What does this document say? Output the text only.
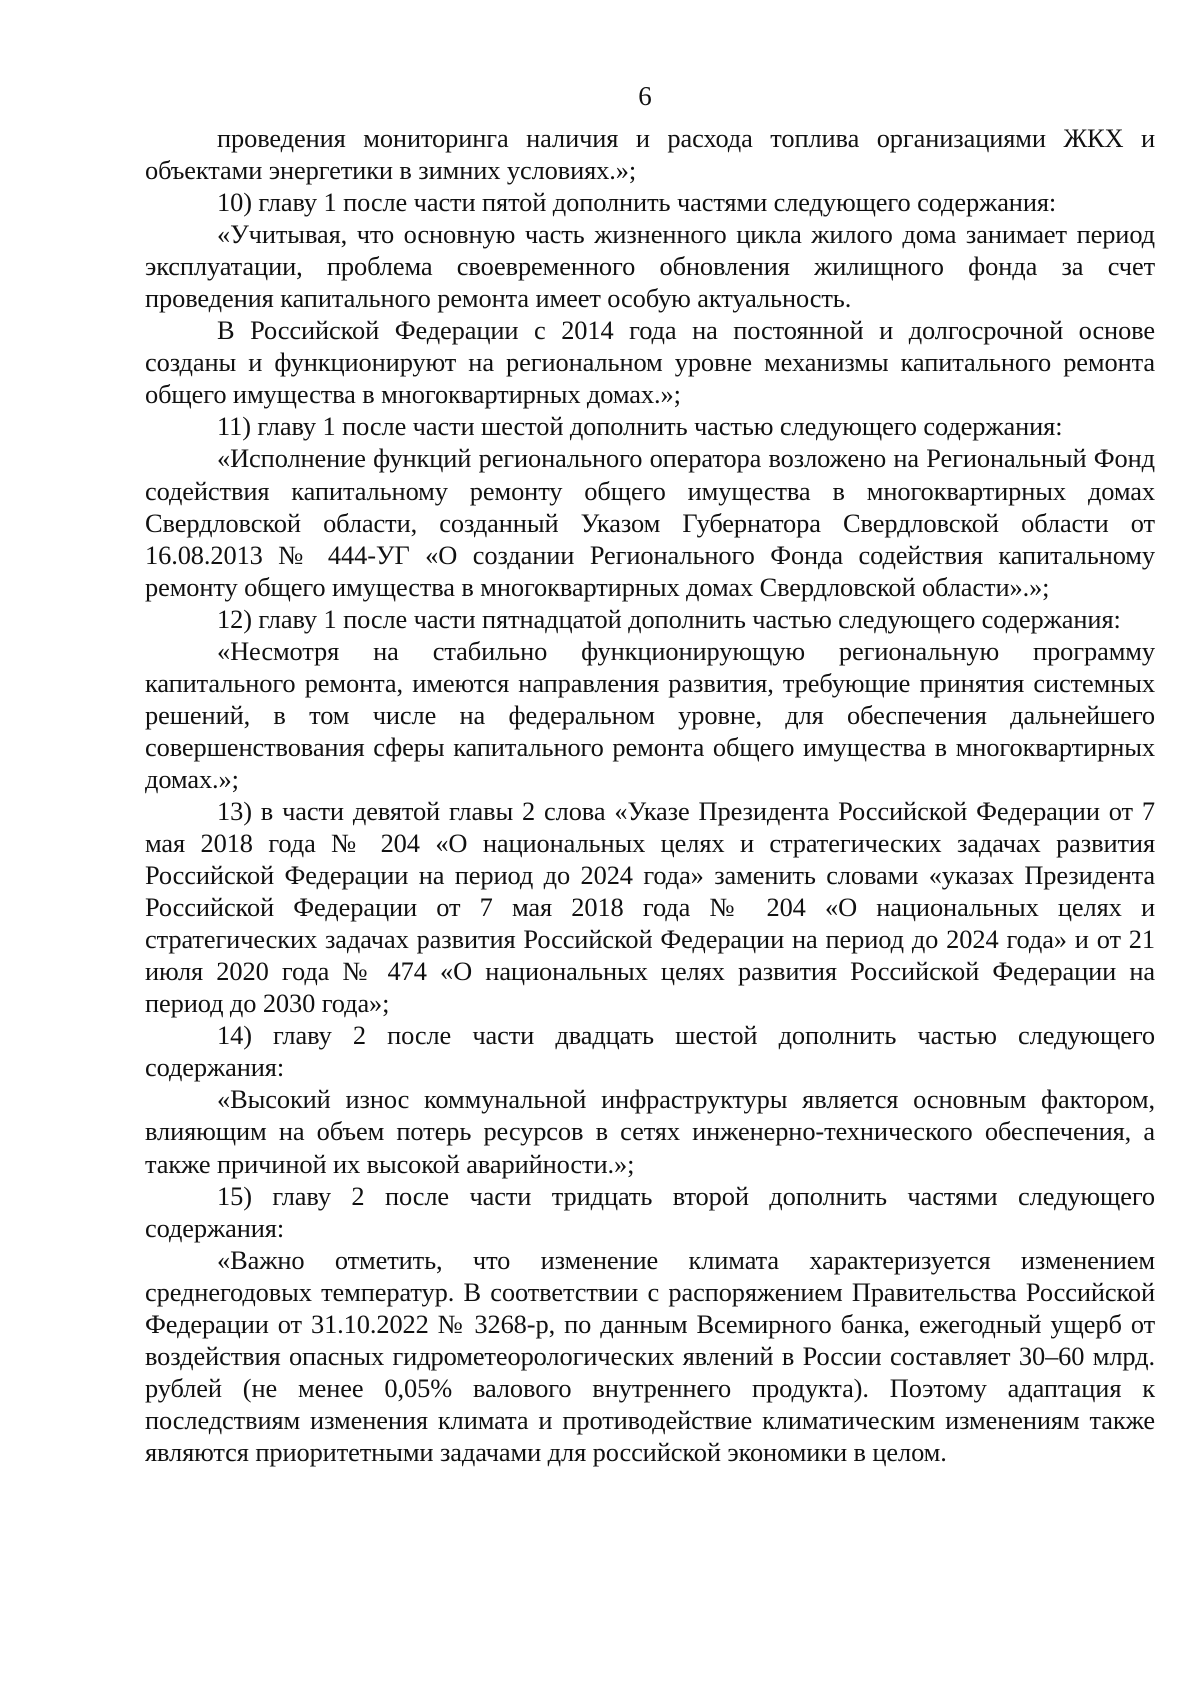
6

проведения мониторинга наличия и расхода топлива организациями ЖКХ и объектами энергетики в зимних условиях.»;

10) главу 1 после части пятой дополнить частями следующего содержания:

«Учитывая, что основную часть жизненного цикла жилого дома занимает период эксплуатации, проблема своевременного обновления жилищного фонда за счет проведения капитального ремонта имеет особую актуальность.

В Российской Федерации с 2014 года на постоянной и долгосрочной основе созданы и функционируют на региональном уровне механизмы капитального ремонта общего имущества в многоквартирных домах.»;

11) главу 1 после части шестой дополнить частью следующего содержания:

«Исполнение функций регионального оператора возложено на Региональный Фонд содействия капитальному ремонту общего имущества в многоквартирных домах Свердловской области, созданный Указом Губернатора Свердловской области от 16.08.2013 № 444-УГ «О создании Регионального Фонда содействия капитальному ремонту общего имущества в многоквартирных домах Свердловской области».»;

12) главу 1 после части пятнадцатой дополнить частью следующего содержания:

«Несмотря на стабильно функционирующую региональную программу капитального ремонта, имеются направления развития, требующие принятия системных решений, в том числе на федеральном уровне, для обеспечения дальнейшего совершенствования сферы капитального ремонта общего имущества в многоквартирных домах.»;

13) в части девятой главы 2 слова «Указе Президента Российской Федерации от 7 мая 2018 года № 204 «О национальных целях и стратегических задачах развития Российской Федерации на период до 2024 года» заменить словами «указах Президента Российской Федерации от 7 мая 2018 года № 204 «О национальных целях и стратегических задачах развития Российской Федерации на период до 2024 года» и от 21 июля 2020 года № 474 «О национальных целях развития Российской Федерации на период до 2030 года»;

14) главу 2 после части двадцать шестой дополнить частью следующего содержания:

«Высокий износ коммунальной инфраструктуры является основным фактором, влияющим на объем потерь ресурсов в сетях инженерно-технического обеспечения, а также причиной их высокой аварийности.»;

15) главу 2 после части тридцать второй дополнить частями следующего содержания:

«Важно отметить, что изменение климата характеризуется изменением среднегодовых температур. В соответствии с распоряжением Правительства Российской Федерации от 31.10.2022 № 3268-р, по данным Всемирного банка, ежегодный ущерб от воздействия опасных гидрометеорологических явлений в России составляет 30–60 млрд. рублей (не менее 0,05% валового внутреннего продукта). Поэтому адаптация к последствиям изменения климата и противодействие климатическим изменениям также являются приоритетными задачами для российской экономики в целом.
